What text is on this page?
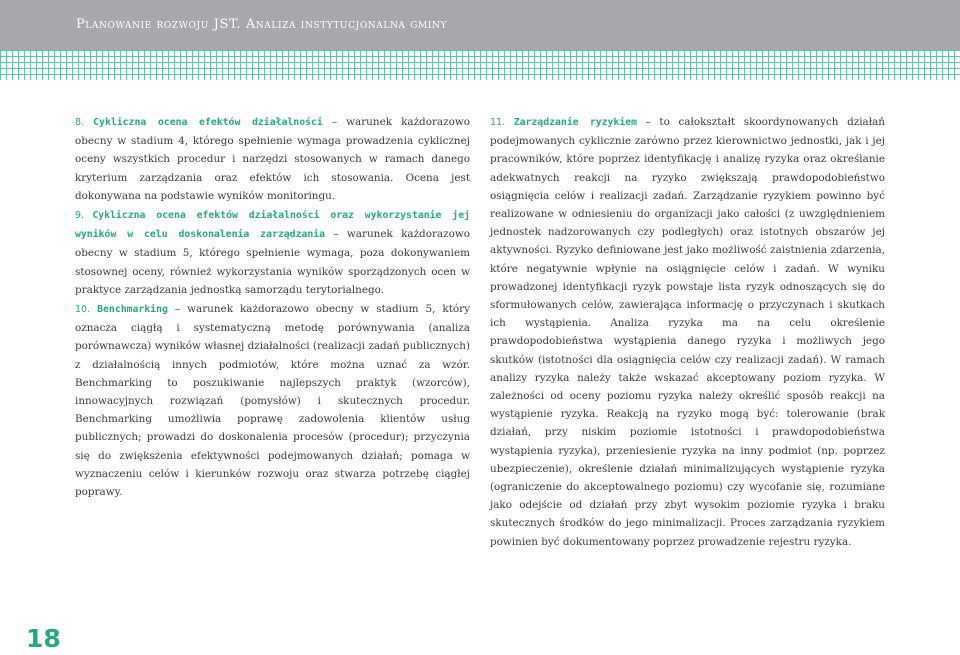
Planowanie rozwoju JST. Analiza instytucjonalna gminy

8. Cykliczna ocena efektów działalności – warunek każdorazowo obecny w stadium 4, którego spełnienie wymaga prowadzenia cyklicznej oceny wszystkich procedur i narzędzi stosowanych w ramach danego kryterium zarządzania oraz efektów ich stosowania. Ocena jest dokonywana na podstawie wyników monitoringu.

9. Cykliczna ocena efektów działalności oraz wykorzystanie jej wyników w celu doskonalenia zarządzania – warunek każdorazowo obecny w stadium 5, którego spełnienie wymaga, poza dokonywaniem stosownej oceny, również wykorzystania wyników sporządzonych ocen w praktyce zarządzania jednostką samorządu terytorialnego.

10. Benchmarking – warunek każdorazowo obecny w stadium 5, który oznacza ciągłą i systematyczną metodę porównywania (analiza porównawcza) wyników własnej działalności (realizacji zadań publicznych) z działalnością innych podmiotów, które można uznać za wzór. Benchmarking to poszukiwanie najlepszych praktyk (wzorców), innowacyjnych rozwiązań (pomysłów) i skutecznych procedur. Benchmarking umożliwia poprawę zadowolenia klientów usług publicznych; prowadzi do doskonalenia procesów (procedur); przyczynia się do zwiększenia efektywności podejmowanych działań; pomaga w wyznaczeniu celów i kierunków rozwoju oraz stwarza potrzebę ciągłej poprawy.

11. Zarządzanie ryzykiem – to całokształt skoordynowanych działań podejmowanych cyklicznie zarówno przez kierownictwo jednostki, jak i jej pracowników, które poprzez identyfikację i analizę ryzyka oraz określanie adekwatnych reakcji na ryzyko zwiększają prawdopodobieństwo osiągnięcia celów i realizacji zadań. Zarządzanie ryzykiem powinno być realizowane w odniesieniu do organizacji jako całości (z uwzględnieniem jednostek nadzorowanych czy podległych) oraz istotnych obszarów jej aktywności. Ryzyko definiowane jest jako możliwość zaistnienia zdarzenia, które negatywnie wpłynie na osiągnięcie celów i zadań. W wyniku prowadzonej identyfikacji ryzyk powstaje lista ryzyk odnoszących się do sformułowanych celów, zawierająca informację o przyczynach i skutkach ich wystąpienia. Analiza ryzyka ma na celu określenie prawdopodobieństwa wystąpienia danego ryzyka i możliwych jego skutków (istotności dla osiągnięcia celów czy realizacji zadań). W ramach analizy ryzyka należy także wskazać akceptowany poziom ryzyka. W zależności od oceny poziomu ryzyka należy określić sposób reakcji na wystąpienie ryzyka. Reakcją na ryzyko mogą być: tolerowanie (brak działań, przy niskim poziomie istotności i prawdopodobieństwa wystąpienia ryzyka), przeniesienie ryzyka na inny podmiot (np. poprzez ubezpieczenie), określenie działań minimalizujących wystąpienie ryzyka (ograniczenie do akceptowalnego poziomu) czy wycofanie się, rozumiane jako odejście od działań przy zbyt wysokim poziomie ryzyka i braku skutecznych środków do jego minimalizacji. Proces zarządzania ryzykiem powinien być dokumentowany poprzez prowadzenie rejestru ryzyka.

18
